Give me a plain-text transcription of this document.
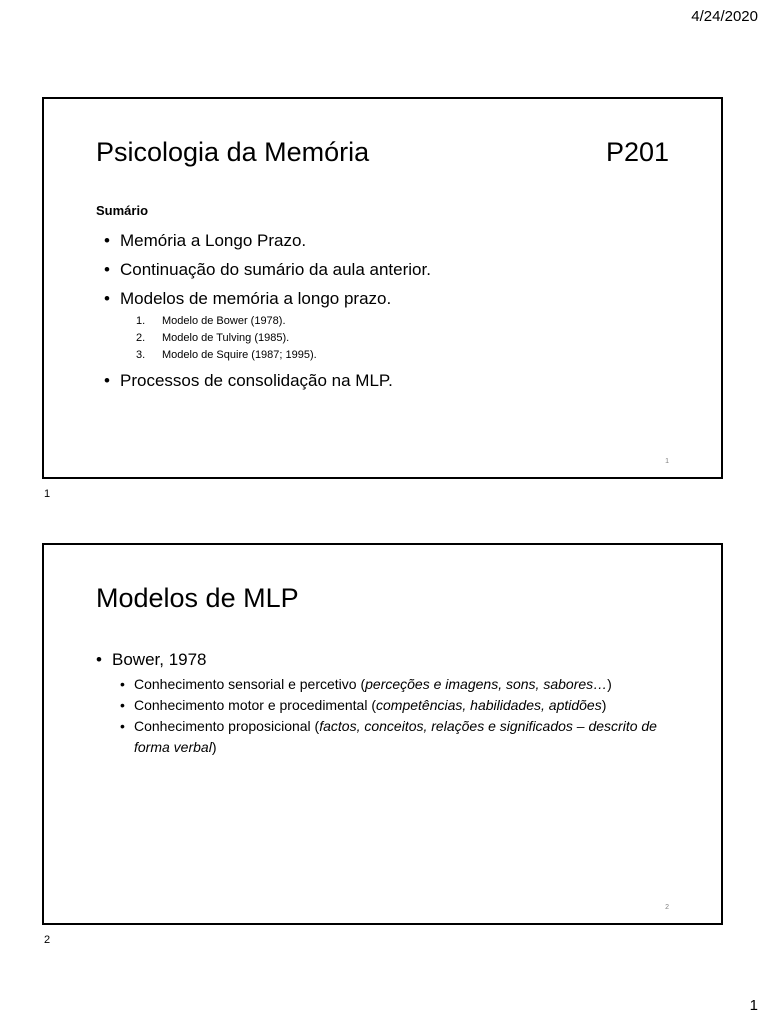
4/24/2020
Psicologia da Memória	P201
Sumário
• Memória a Longo Prazo.
• Continuação do sumário da aula anterior.
• Modelos de memória a longo prazo.
1. Modelo de Bower (1978).
2. Modelo de Tulving (1985).
3. Modelo de Squire (1987; 1995).
• Processos de consolidação na MLP.
1
1
Modelos de MLP
• Bower, 1978
• Conhecimento sensorial e percetivo (perceções e imagens, sons, sabores…)
• Conhecimento motor e procedimental (competências, habilidades, aptidões)
• Conhecimento proposicional (factos, conceitos, relações e significados – descrito de forma verbal)
2
2
1
